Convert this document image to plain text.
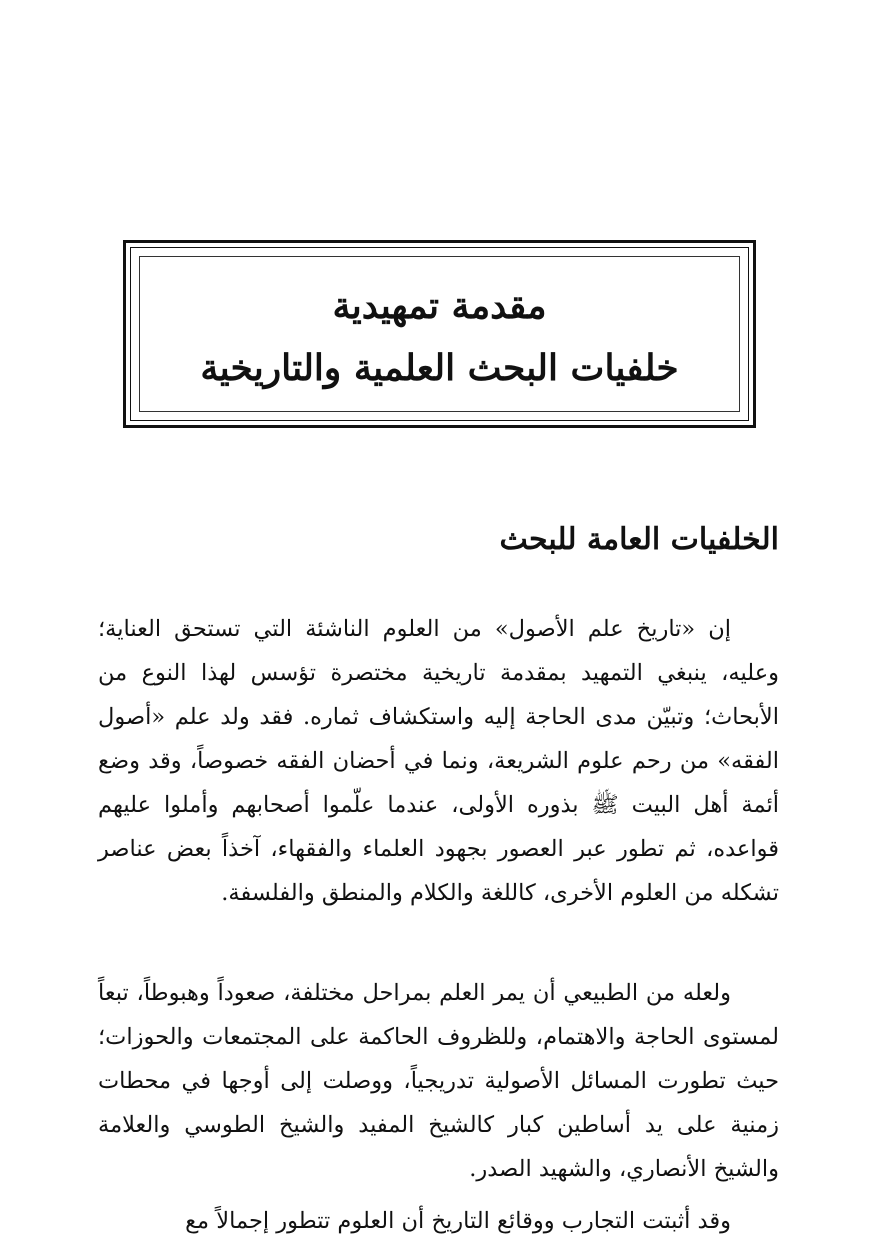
مقدمة تمهيدية
خلفيات البحث العلمية والتاريخية
الخلفيات العامة للبحث

إن «تاريخ علم الأصول» من العلوم الناشئة التي تستحق العناية؛ وعليه، ينبغي التمهيد بمقدمة تاريخية مختصرة تؤسس لهذا النوع من الأبحاث؛ وتبيّن مدى الحاجة إليه واستكشاف ثماره. فقد ولد علم «أصول الفقه» من رحم علوم الشريعة، ونما في أحضان الفقه خصوصاً، وقد وضع أئمة أهل البيت ﷺ بذوره الأولى، عندما علّموا أصحابهم وأملوا عليهم قواعده، ثم تطور عبر العصور بجهود العلماء والفقهاء، آخذاً بعض عناصر تشكله من العلوم الأخرى، كاللغة والكلام والمنطق والفلسفة.

ولعله من الطبيعي أن يمر العلم بمراحل مختلفة، صعوداً وهبوطاً، تبعاً لمستوى الحاجة والاهتمام، وللظروف الحاكمة على المجتمعات والحوزات؛ حيث تطورت المسائل الأصولية تدريجياً، ووصلت إلى أوجها في محطات زمنية على يد أساطين كبار كالشيخ المفيد والشيخ الطوسي والعلامة والشيخ الأنصاري، والشهيد الصدر.

وقد أثبتت التجارب ووقائع التاريخ أن العلوم تتطور إجمالاً مع
